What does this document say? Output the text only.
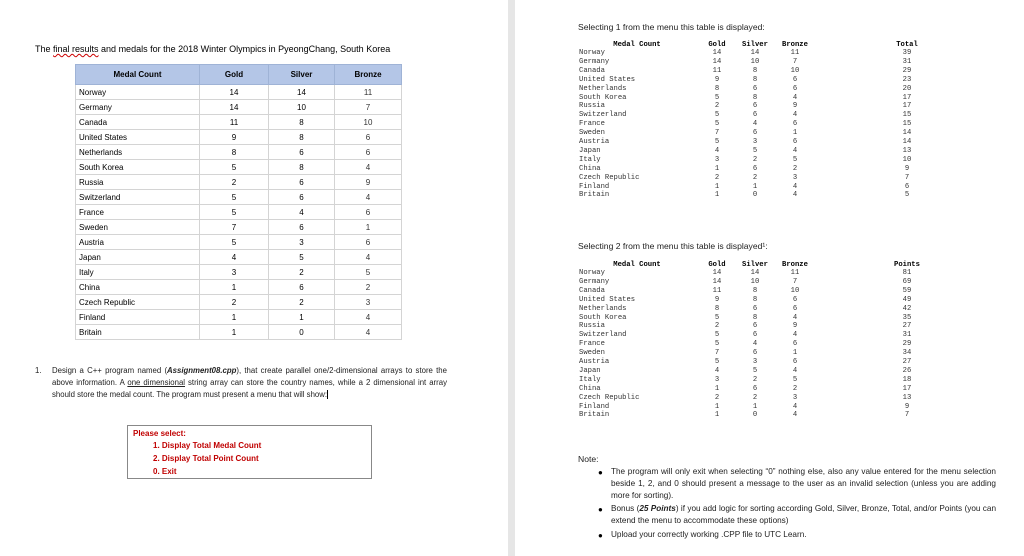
The final results and medals for the 2018 Winter Olympics in PyeongChang, South Korea
Medal Count	Gold	Silver	Bronze
Norway	14	14	11
Germany	14	10	7
Canada	11	8	10
United States	9	8	6
Netherlands	8	6	6
South Korea	5	8	4
Russia	2	6	9
Switzerland	5	6	4
France	5	4	6
Sweden	7	6	1
Austria	5	3	6
Japan	4	5	4
Italy	3	2	5
China	1	6	2
Czech Republic	2	2	3
Finland	1	1	4
Britain	1	0	4
1. Design a C++ program named (Assignment08.cpp), that create parallel one/2-dimensional arrays to store the above information. A one dimensional string array can store the country names, while a 2 dimensional int array should store the medal count. The program must present a menu that will show:
Please select:
1. Display Total Medal Count
2. Display Total Point Count
0. Exit
Selecting 1 from the menu this table is displayed:
Medal Count	Gold	Silver	Bronze	Total
Norway	14	14	11	39
Germany	14	10	7	31
Canada	11	8	10	29
United States	9	8	6	23
Netherlands	8	6	6	20
South Korea	5	8	4	17
Russia	2	6	9	17
Switzerland	5	6	4	15
France	5	4	6	15
Sweden	7	6	1	14
Austria	5	3	6	14
Japan	4	5	4	13
Italy	3	2	5	10
China	1	6	2	9
Czech Republic	2	2	3	7
Finland	1	1	4	6
Britain	1	0	4	5
Selecting 2 from the menu this table is displayed¹:
Medal Count	Gold	Silver	Bronze	Points
Norway	14	14	11	81
Germany	14	10	7	69
Canada	11	8	10	59
United States	9	8	6	49
Netherlands	8	6	6	42
South Korea	5	8	4	35
Russia	2	6	9	27
Switzerland	5	6	4	31
France	5	4	6	29
Sweden	7	6	1	34
Austria	5	3	6	27
Japan	4	5	4	26
Italy	3	2	5	18
China	1	6	2	17
Czech Republic	2	2	3	13
Finland	1	1	4	9
Britain	1	0	4	7
Note:
● The program will only exit when selecting “0” nothing else, also any value entered for the menu selection beside 1, 2, and 0 should present a message to the user as an invalid selection (unless you are adding more for sorting).
● Bonus (25 Points) if you add logic for sorting according Gold, Silver, Bronze, Total, and/or Points (you can extend the menu to accommodate these options)
● Upload your correctly working .CPP file to UTC Learn.
